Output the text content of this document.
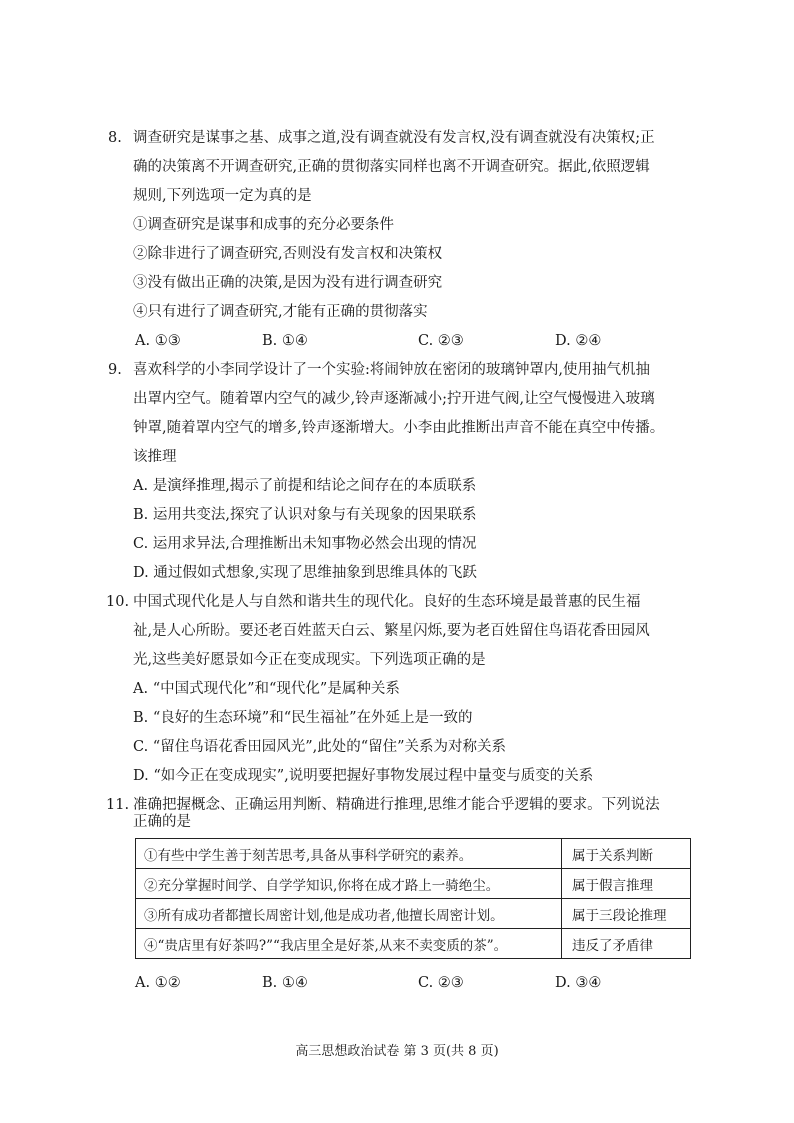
8. 调查研究是谋事之基、成事之道,没有调查就没有发言权,没有调查就没有决策权;正
确的决策离不开调查研究,正确的贯彻落实同样也离不开调查研究。据此,依照逻辑
规则,下列选项一定为真的是
①调查研究是谋事和成事的充分必要条件
②除非进行了调查研究,否则没有发言权和决策权
③没有做出正确的决策,是因为没有进行调查研究
④只有进行了调查研究,才能有正确的贯彻落实
A. ①③	B. ①④	C. ②③	D. ②④
9. 喜欢科学的小李同学设计了一个实验:将闹钟放在密闭的玻璃钟罩内,使用抽气机抽
出罩内空气。随着罩内空气的减少,铃声逐渐减小;拧开进气阀,让空气慢慢进入玻璃
钟罩,随着罩内空气的增多,铃声逐渐增大。小李由此推断出声音不能在真空中传播。
该推理
A. 是演绎推理,揭示了前提和结论之间存在的本质联系
B. 运用共变法,探究了认识对象与有关现象的因果联系
C. 运用求异法,合理推断出未知事物必然会出现的情况
D. 通过假如式想象,实现了思维抽象到思维具体的飞跃
10. 中国式现代化是人与自然和谐共生的现代化。良好的生态环境是最普惠的民生福
祉,是人心所盼。要还老百姓蓝天白云、繁星闪烁,要为老百姓留住鸟语花香田园风
光,这些美好愿景如今正在变成现实。下列选项正确的是
A. “中国式现代化”和“现代化”是属种关系
B. “良好的生态环境”和“民生福祉”在外延上是一致的
C. “留住鸟语花香田园风光”,此处的“留住”关系为对称关系
D. “如今正在变成现实”,说明要把握好事物发展过程中量变与质变的关系
11. 准确把握概念、正确运用判断、精确进行推理,思维才能合乎逻辑的要求。下列说法
正确的是
①有些中学生善于刻苦思考,具备从事科学研究的素养。	属于关系判断
②充分掌握时间学、自学学知识,你将在成才路上一骑绝尘。	属于假言推理
③所有成功者都擅长周密计划,他是成功者,他擅长周密计划。	属于三段论推理
④“贵店里有好茶吗?”“我店里全是好茶,从来不卖变质的茶”。	违反了矛盾律
A. ①②	B. ①④	C. ②③	D. ③④
高三思想政治试卷 第 3 页(共 8 页)
